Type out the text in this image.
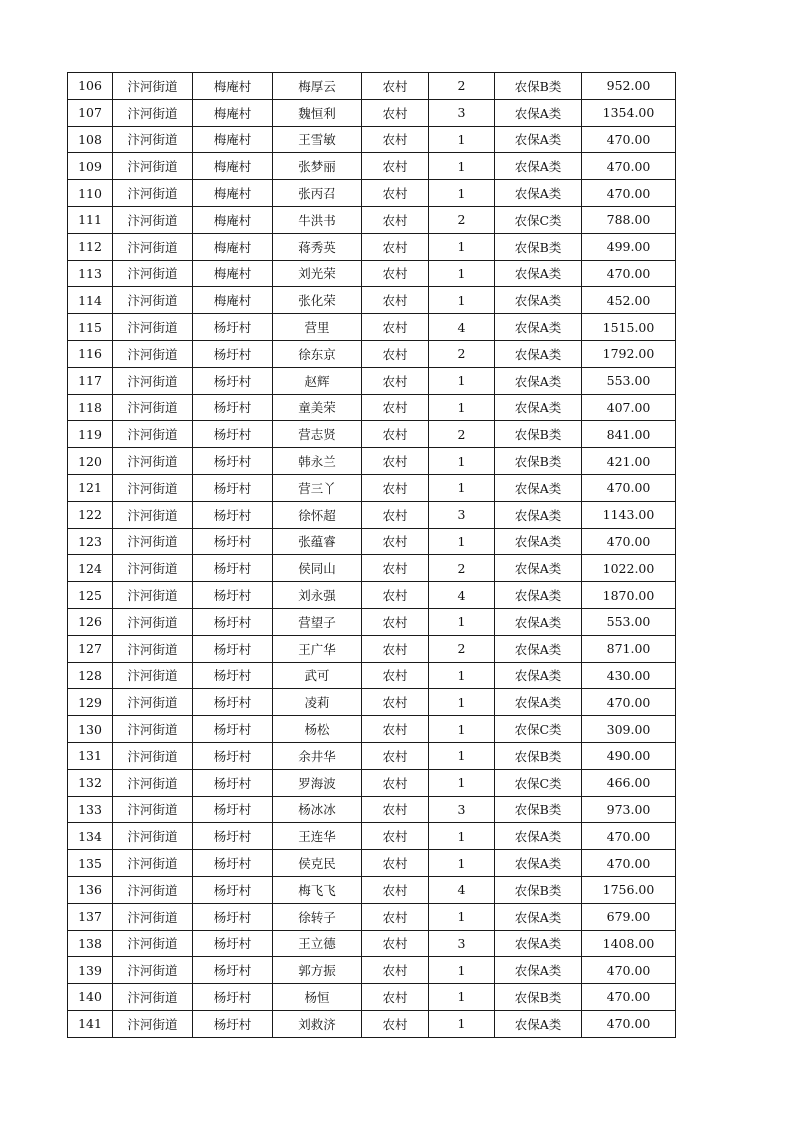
106	汴河街道	梅庵村	梅厚云	农村	2	农保B类	952.00
107	汴河街道	梅庵村	魏恒利	农村	3	农保A类	1354.00
108	汴河街道	梅庵村	王雪敏	农村	1	农保A类	470.00
109	汴河街道	梅庵村	张梦丽	农村	1	农保A类	470.00
110	汴河街道	梅庵村	张丙召	农村	1	农保A类	470.00
111	汴河街道	梅庵村	牛洪书	农村	2	农保C类	788.00
112	汴河街道	梅庵村	蒋秀英	农村	1	农保B类	499.00
113	汴河街道	梅庵村	刘光荣	农村	1	农保A类	470.00
114	汴河街道	梅庵村	张化荣	农村	1	农保A类	452.00
115	汴河街道	杨圩村	营里	农村	4	农保A类	1515.00
116	汴河街道	杨圩村	徐东京	农村	2	农保A类	1792.00
117	汴河街道	杨圩村	赵辉	农村	1	农保A类	553.00
118	汴河街道	杨圩村	童美荣	农村	1	农保A类	407.00
119	汴河街道	杨圩村	营志贤	农村	2	农保B类	841.00
120	汴河街道	杨圩村	韩永兰	农村	1	农保B类	421.00
121	汴河街道	杨圩村	营三丫	农村	1	农保A类	470.00
122	汴河街道	杨圩村	徐怀超	农村	3	农保A类	1143.00
123	汴河街道	杨圩村	张蕴睿	农村	1	农保A类	470.00
124	汴河街道	杨圩村	侯同山	农村	2	农保A类	1022.00
125	汴河街道	杨圩村	刘永强	农村	4	农保A类	1870.00
126	汴河街道	杨圩村	营望子	农村	1	农保A类	553.00
127	汴河街道	杨圩村	王广华	农村	2	农保A类	871.00
128	汴河街道	杨圩村	武可	农村	1	农保A类	430.00
129	汴河街道	杨圩村	凌莉	农村	1	农保A类	470.00
130	汴河街道	杨圩村	杨松	农村	1	农保C类	309.00
131	汴河街道	杨圩村	余井华	农村	1	农保B类	490.00
132	汴河街道	杨圩村	罗海波	农村	1	农保C类	466.00
133	汴河街道	杨圩村	杨冰冰	农村	3	农保B类	973.00
134	汴河街道	杨圩村	王连华	农村	1	农保A类	470.00
135	汴河街道	杨圩村	侯克民	农村	1	农保A类	470.00
136	汴河街道	杨圩村	梅飞飞	农村	4	农保B类	1756.00
137	汴河街道	杨圩村	徐转子	农村	1	农保A类	679.00
138	汴河街道	杨圩村	王立德	农村	3	农保A类	1408.00
139	汴河街道	杨圩村	郭方振	农村	1	农保A类	470.00
140	汴河街道	杨圩村	杨恒	农村	1	农保B类	470.00
141	汴河街道	杨圩村	刘救济	农村	1	农保A类	470.00
